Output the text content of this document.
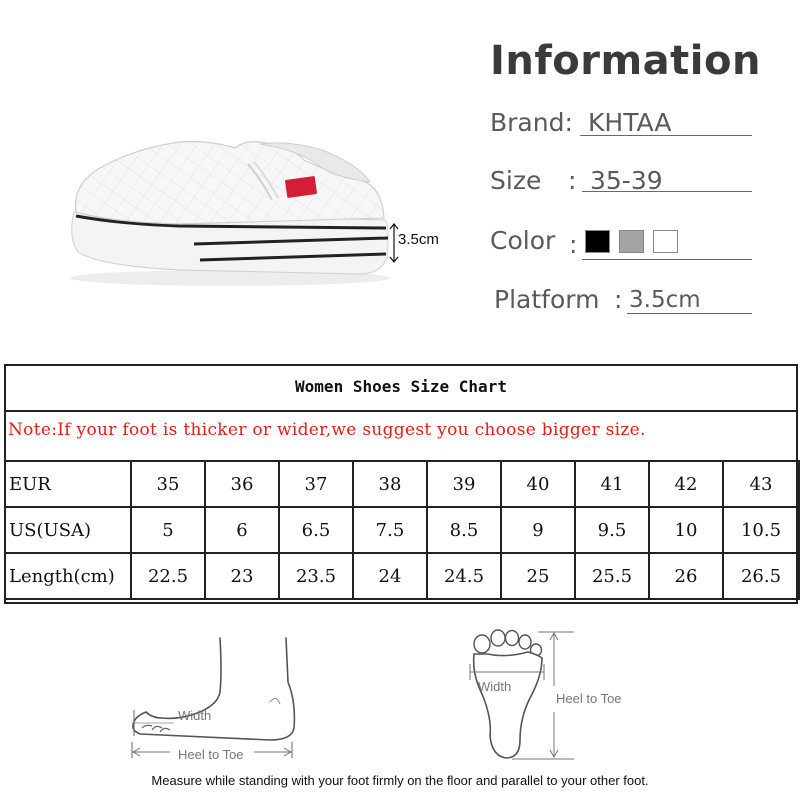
3.5cm
Information
Brand: KHTAA
Size : 35-39
Color :
Platform : 3.5cm
Women Shoes Size Chart
Note:If your foot is thicker or wider,we suggest you choose bigger size.
EUR	35	36	37	38	39	40	41	42	43
US(USA)	5	6	6.5	7.5	8.5	9	9.5	10	10.5
Length(cm)	22.5	23	23.5	24	24.5	25	25.5	26	26.5
Width
Heel to Toe
Width
Heel to Toe
Measure while standing with your foot firmly on the floor and parallel to your other foot.
